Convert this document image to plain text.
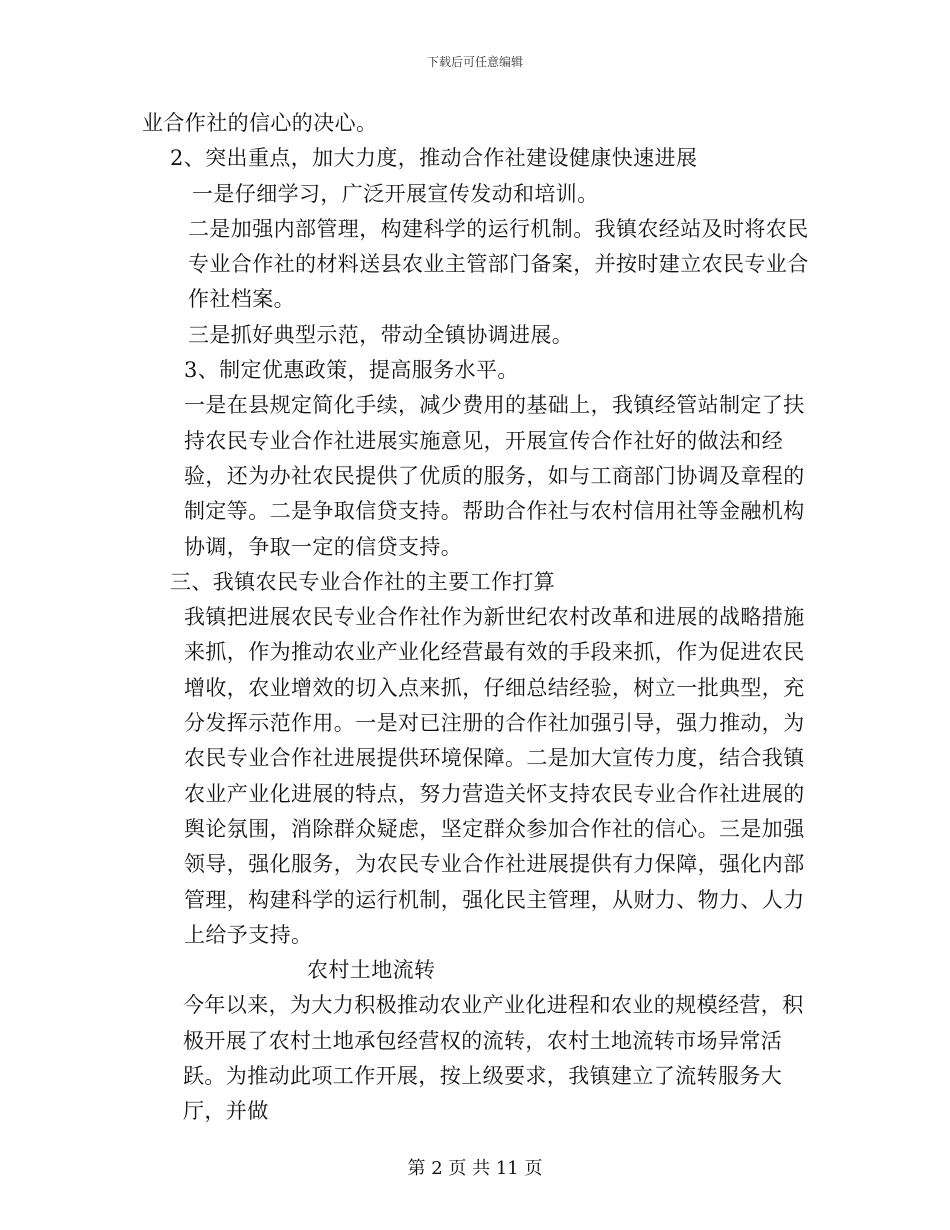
下载后可任意编辑

业合作社的信心的决心。

2、突出重点，加大力度，推动合作社建设健康快速进展

一是仔细学习，广泛开展宣传发动和培训。

二是加强内部管理，构建科学的运行机制。我镇农经站及时将农民专业合作社的材料送县农业主管部门备案，并按时建立农民专业合作社档案。

三是抓好典型示范，带动全镇协调进展。

3、制定优惠政策，提高服务水平。

一是在县规定简化手续，减少费用的基础上，我镇经管站制定了扶持农民专业合作社进展实施意见，开展宣传合作社好的做法和经验，还为办社农民提供了优质的服务，如与工商部门协调及章程的制定等。二是争取信贷支持。帮助合作社与农村信用社等金融机构协调，争取一定的信贷支持。

三、我镇农民专业合作社的主要工作打算

我镇把进展农民专业合作社作为新世纪农村改革和进展的战略措施来抓，作为推动农业产业化经营最有效的手段来抓，作为促进农民增收，农业增效的切入点来抓，仔细总结经验，树立一批典型，充分发挥示范作用。一是对已注册的合作社加强引导，强力推动，为农民专业合作社进展提供环境保障。二是加大宣传力度，结合我镇农业产业化进展的特点，努力营造关怀支持农民专业合作社进展的舆论氛围，消除群众疑虑，坚定群众参加合作社的信心。三是加强领导，强化服务，为农民专业合作社进展提供有力保障，强化内部管理，构建科学的运行机制，强化民主管理，从财力、物力、人力上给予支持。

农村土地流转

今年以来，为大力积极推动农业产业化进程和农业的规模经营，积极开展了农村土地承包经营权的流转，农村土地流转市场异常活跃。为推动此项工作开展，按上级要求，我镇建立了流转服务大厅，并做

第 2 页 共 11 页
